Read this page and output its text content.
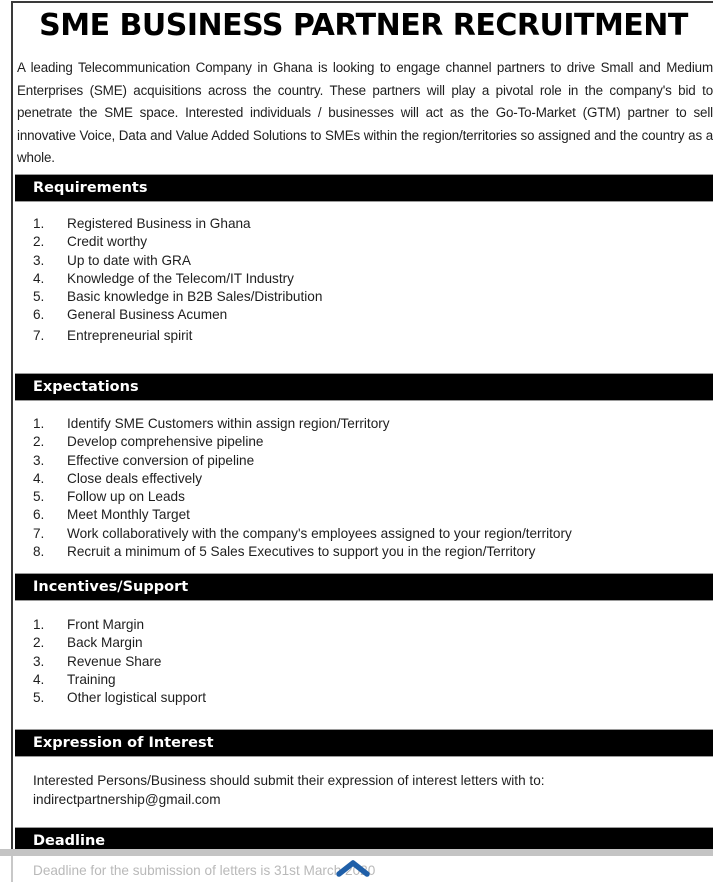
SME BUSINESS PARTNER RECRUITMENT
A leading Telecommunication Company in Ghana is looking to engage channel partners to drive Small and Medium Enterprises (SME) acquisitions across the country. These partners will play a pivotal role in the company's bid to penetrate the SME space. Interested individuals / businesses will act as the Go-To-Market (GTM) partner to sell innovative Voice, Data and Value Added Solutions to SMEs within the region/territories so assigned and the country as a whole.
Requirements
1. Registered Business in Ghana
2. Credit worthy
3. Up to date with GRA
4. Knowledge of the Telecom/IT Industry
5. Basic knowledge in B2B Sales/Distribution
6. General Business Acumen
7. Entrepreneurial spirit
Expectations
1. Identify SME Customers within assign region/Territory
2. Develop comprehensive pipeline
3. Effective conversion of pipeline
4. Close deals effectively
5. Follow up on Leads
6. Meet Monthly Target
7. Work collaboratively with the company's employees assigned to your region/territory
8. Recruit a minimum of 5 Sales Executives to support you in the region/Territory
Incentives/Support
1. Front Margin
2. Back Margin
3. Revenue Share
4. Training
5. Other logistical support
Expression of Interest
Interested Persons/Business should submit their expression of interest letters with to:
indirectpartnership@gmail.com
Deadline
Deadline for the submission of letters is 31st March 2020
